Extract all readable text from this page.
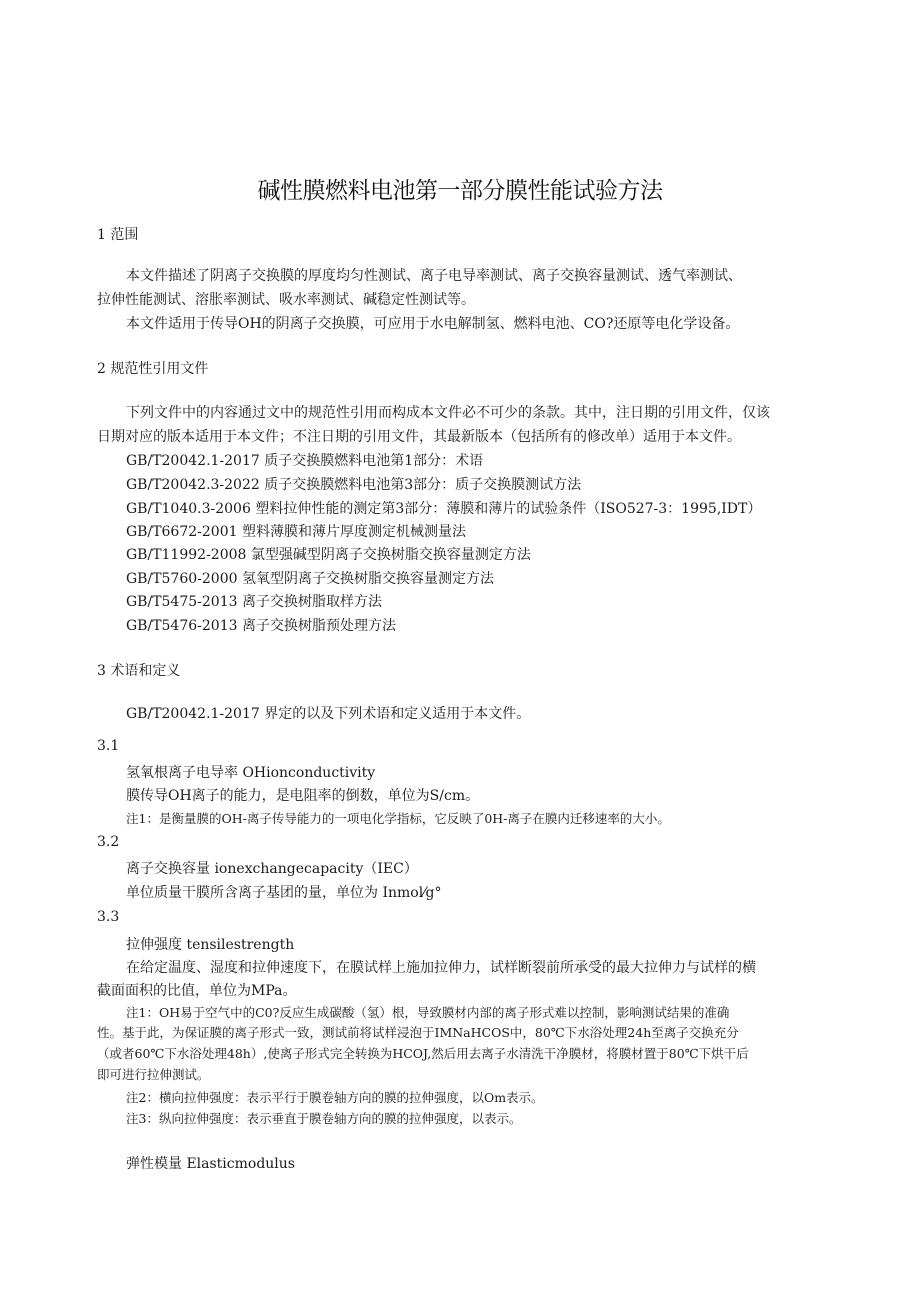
碱性膜燃料电池第一部分膜性能试验方法
1 范围
本文件描述了阴离子交换膜的厚度均匀性测试、离子电导率测试、离子交换容量测试、透气率测试、
拉伸性能测试、溶胀率测试、吸水率测试、碱稳定性测试等。
本文件适用于传导OH的阴离子交换膜，可应用于水电解制氢、燃料电池、CO?还原等电化学设备。
2 规范性引用文件
下列文件中的内容通过文中的规范性引用而构成本文件必不可少的条款。其中，注日期的引用文件，仅该
日期对应的版本适用于本文件；不注日期的引用文件，其最新版本（包括所有的修改单）适用于本文件。
GB/T20042.1-2017 质子交换膜燃料电池第1部分：术语
GB/T20042.3-2022 质子交换膜燃料电池第3部分：质子交换膜测试方法
GB/T1040.3-2006 塑料拉伸性能的测定第3部分：薄膜和薄片的试验条件（ISO527-3：1995,IDT）
GB/T6672-2001 塑料薄膜和薄片厚度测定机械测量法
GB/T11992-2008 氯型强碱型阴离子交换树脂交换容量测定方法
GB/T5760-2000 氢氧型阴离子交换树脂交换容量测定方法
GB/T5475-2013 离子交换树脂取样方法
GB/T5476-2013 离子交换树脂预处理方法
3 术语和定义
GB/T20042.1-2017 界定的以及下列术语和定义适用于本文件。
3.1
氢氧根离子电导率 OHionconductivity
膜传导OH离子的能力，是电阻率的倒数，单位为S/cm。
注1：是衡量膜的OH-离子传导能力的一项电化学指标，它反映了0H-离子在膜内迁移速率的大小。
3.2
离子交换容量 ionexchangecapacity（IEC）
单位质量干膜所含离子基团的量，单位为 Inmol⁄g°
3.3
拉伸强度 tensilestrength
在给定温度、湿度和拉伸速度下，在膜试样上施加拉伸力，试样断裂前所承受的最大拉伸力与试样的横
截面面积的比值，单位为MPa。
注1：OH易于空气中的C0?反应生成碳酸（氢）根，导致膜材内部的离子形式难以控制，影响测试结果的准确
性。基于此，为保证膜的离子形式一致，测试前将试样浸泡于IMNaHCOS中，80℃下水浴处理24h至离子交换充分
（或者60℃下水浴处理48h）,使离子形式完全转换为HCOJ,然后用去离子水清洗干净膜材，将膜材置于80℃下烘干后
即可进行拉伸测试。
注2：横向拉伸强度：表示平行于膜卷轴方向的膜的拉伸强度，以Om表示。
注3：纵向拉伸强度：表示垂直于膜卷轴方向的膜的拉伸强度，以表示。
弹性模量 Elasticmodulus
